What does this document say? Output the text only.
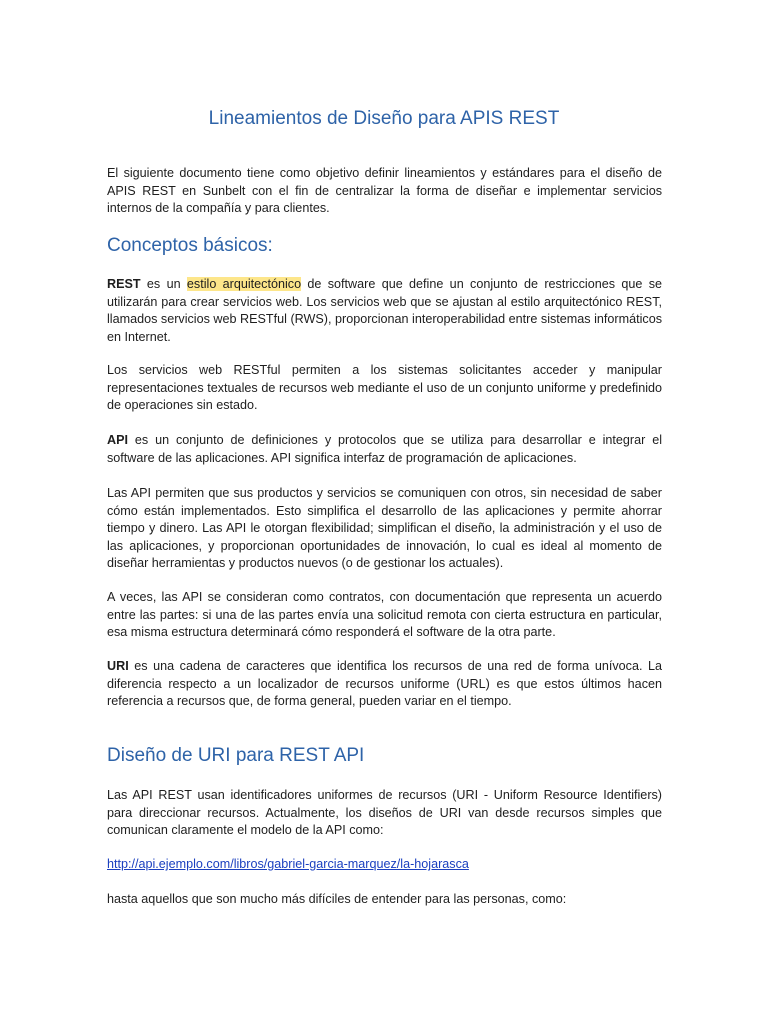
Lineamientos de Diseño para APIS REST

El siguiente documento tiene como objetivo definir lineamientos y estándares para el diseño de APIS REST en Sunbelt con el fin de centralizar la forma de diseñar e implementar servicios internos de la compañía y para clientes.

Conceptos básicos:

REST es un estilo arquitectónico de software que define un conjunto de restricciones que se utilizarán para crear servicios web. Los servicios web que se ajustan al estilo arquitectónico REST, llamados servicios web RESTful (RWS), proporcionan interoperabilidad entre sistemas informáticos en Internet.

Los servicios web RESTful permiten a los sistemas solicitantes acceder y manipular representaciones textuales de recursos web mediante el uso de un conjunto uniforme y predefinido de operaciones sin estado.

API es un conjunto de definiciones y protocolos que se utiliza para desarrollar e integrar el software de las aplicaciones. API significa interfaz de programación de aplicaciones.

Las API permiten que sus productos y servicios se comuniquen con otros, sin necesidad de saber cómo están implementados. Esto simplifica el desarrollo de las aplicaciones y permite ahorrar tiempo y dinero. Las API le otorgan flexibilidad; simplifican el diseño, la administración y el uso de las aplicaciones, y proporcionan oportunidades de innovación, lo cual es ideal al momento de diseñar herramientas y productos nuevos (o de gestionar los actuales).

A veces, las API se consideran como contratos, con documentación que representa un acuerdo entre las partes: si una de las partes envía una solicitud remota con cierta estructura en particular, esa misma estructura determinará cómo responderá el software de la otra parte.

URI es una cadena de caracteres que identifica los recursos de una red de forma unívoca. La diferencia respecto a un localizador de recursos uniforme (URL) es que estos últimos hacen referencia a recursos que, de forma general, pueden variar en el tiempo.

Diseño de URI para REST API

Las API REST usan identificadores uniformes de recursos (URI - Uniform Resource Identifiers) para direccionar recursos. Actualmente, los diseños de URI van desde recursos simples que comunican claramente el modelo de la API como:

http://api.ejemplo.com/libros/gabriel-garcia-marquez/la-hojarasca

hasta aquellos que son mucho más difíciles de entender para las personas, como:
